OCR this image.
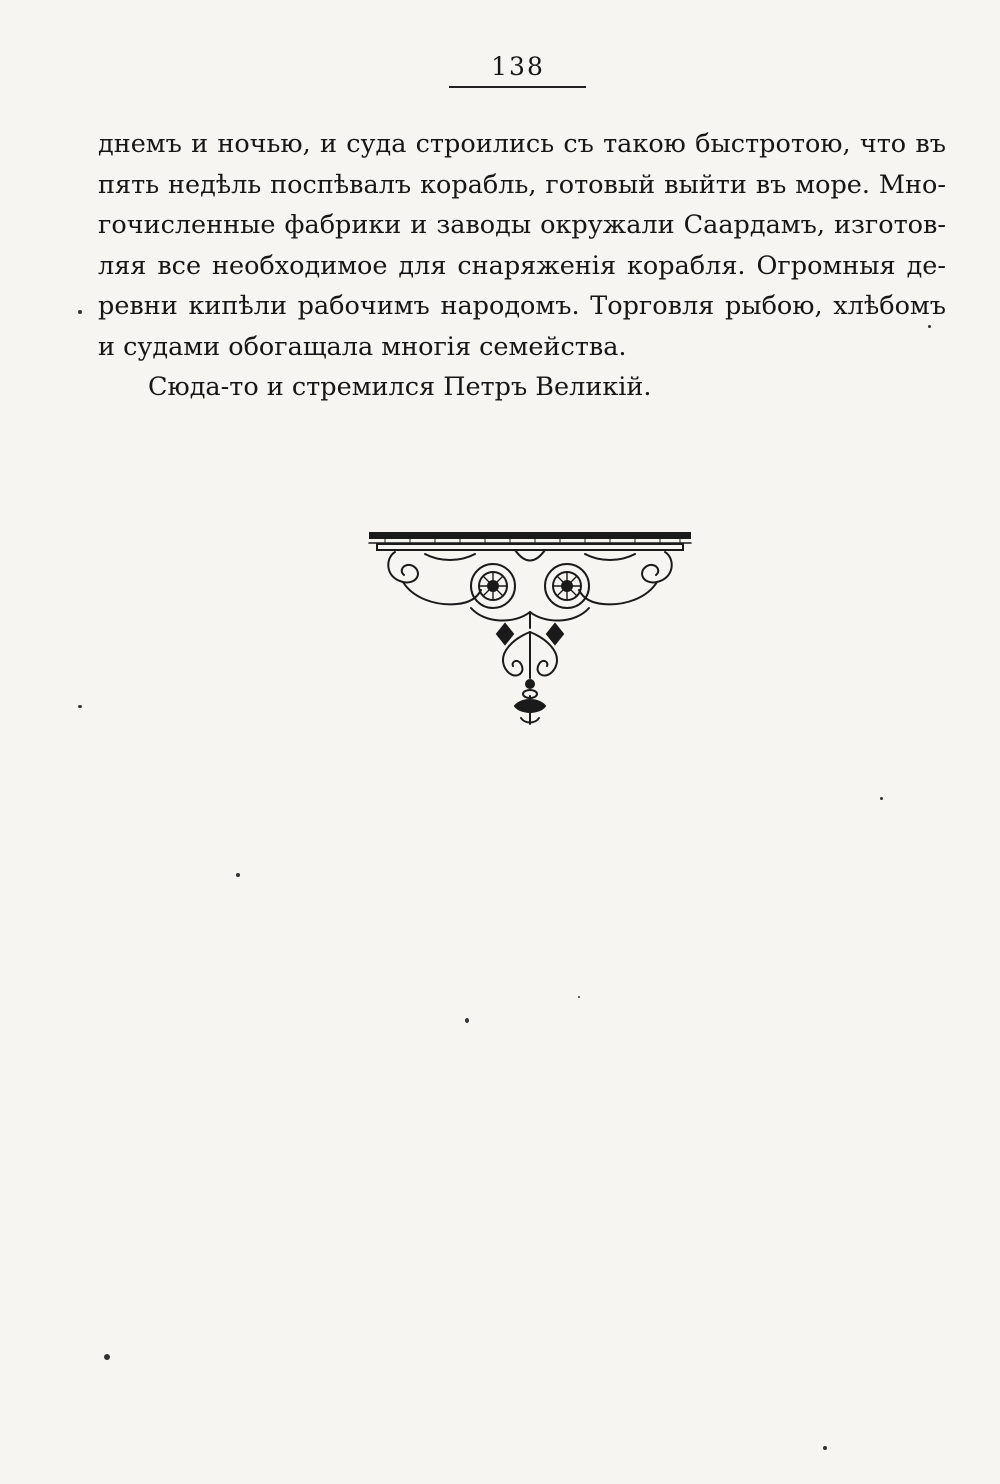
138
днемъ и ночью, и суда строились съ такою быстротою, что въ
пять недѣль поспѣвалъ корабль, готовый выйти въ море. Мно-
гочисленные фабрики и заводы окружали Саардамъ, изготов-
ляя все необходимое для снаряженія корабля. Огромныя де-
ревни кипѣли рабочимъ народомъ. Торговля рыбою, хлѣбомъ
и судами обогащала многія семейства.
Сюда-то и стремился Петръ Великій.
